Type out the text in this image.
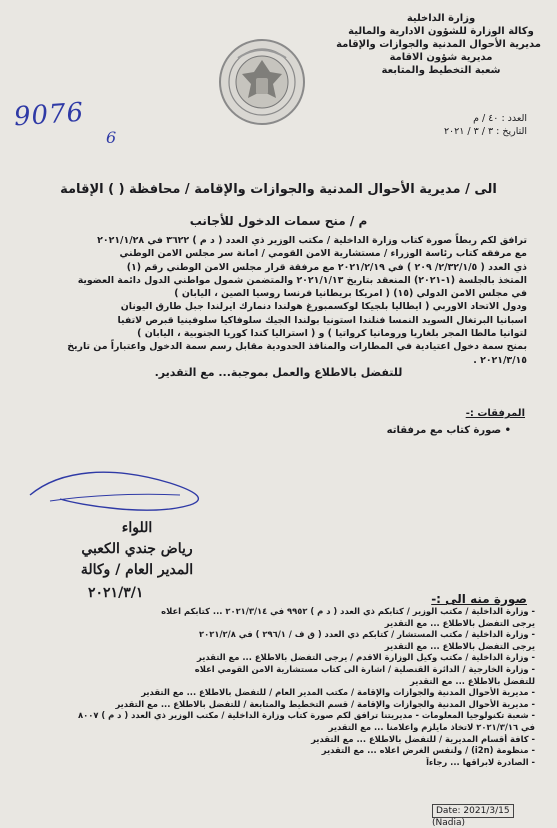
وزارة الداخلية
وكالة الوزارة للشؤون الادارية والمالية
مديرية الأحوال المدنية والجوازات والإقامة
مديرية شؤون الاقامة
شعبة التخطيط والمتابعة
العدد : ٤٠ / م
التاريخ : ٣ / ٣ / ٢٠٢١
9076
6
الى / مديرية الأحوال المدنية والجوازات والإقامة / محافظة ( ) الإقامة
م / منح سمات الدخول للأجانب

ترافق لكم ربطاً صورة كتاب وزارة الداخلية / مكتب الوزير ذي العدد ( د م ) ٣٦٢٢ في ٢٠٢١/١/٢٨

مع مرفقه كتاب رئاسة الوزراء / مستشارية الامن القومي / امانة سر مجلس الامن الوطني

ذي العدد ( ٢/٣٢/١/٥/ ٢٠٩ ) في ٢٠٢١/٢/١٩ مع مرفقة قرار مجلس الامن الوطني رقم (١)

المتخذ بالجلسة (١-٢٠٢١) المنعقد بتاريخ ٢٠٢١/١/١٣ والمتضمن شمول مواطني الدول دائمة العضوية

في مجلس الامن الدولي (١٥) ( امريكا بريطانيا فرنسا روسيا الصين ، اليابان )

ودول الاتحاد الاوربي ( ايطاليا بلجيكا لوكسمبورغ هولندا دنمارك ايرلندا جبل طارق اليونان

اسبانيا البرتغال السويد النمسا فنلندا استونيا بولندا الجيك سلوفاكيا سلوفينيا قبرص لاتفيا

لتوانيا مالطا المجر بلغاريا ورومانيا كرواتيا ) و ( استراليا كندا كوريا الجنوبية ، اليابان )

بمنح سمة دخول اعتيادية في المطارات والمنافذ الحدودية مقابل رسم سمة الدخول واعتباراً من تاريخ

٢٠٢١/٣/١٥ .

للتفضل بالاطلاع والعمل بموجبة... مع التقدير.
المرفقات :-
• صورة كتاب مع مرفقاته
اللواء
رياض جندي الكعبي
المدير العام / وكالة
٢٠٢١/٣/١	صورة منه الى :-
- وزارة الداخلية / مكتب الوزير / كتابكم ذي العدد ( د م ) ٩٩٥٢ في ٢٠٢١/٣/١٤ ... كتابكم اعلاه
يرجى التفضل بالاطلاع ... مع التقدير
- وزارة الداخلية / مكتب المستشار / كتابكم ذي العدد ( ق ف / ٢٩٦/١ ) في ٢٠٢١/٢/٨
يرجى التفضل بالاطلاع ... مع التقدير
- وزارة الداخلية / مكتب وكيل الوزارة الاقدم / يرجى التفضل بالاطلاع ... مع التقدير
- وزارة الخارجية / الدائرة القنصلية / اشارة الى كتاب مستشارية الامن القومي اعلاه
للتفضل بالاطلاع ... مع التقدير
- مديرية الأحوال المدنية والجوازات والإقامة / مكتب المدير العام / للتفضل بالاطلاع ... مع التقدير
- مديرية الأحوال المدنية والجوازات والإقامة / قسم التخطيط والمتابعة / للتفضل بالاطلاع ... مع التقدير
- شعبة تكنولوجيا المعلومات - مديريتنا ترافق لكم صورة كتاب وزارة الداخلية / مكتب الوزير ذي العدد ( د م ) ٨٠٠٧
في ٢٠٢١/٣/١٦ لاتخاذ مايلزم واعلامنا ... مع التقدير
- كافة أقسام المديرية / للتفضل بالاطلاع ... مع التقدير
- منظومة (i2n) / ولنفس الغرض اعلاه ... مع التقدير
- الصادرة لابراقها ... رجاءاً
Date: 2021/3/15(Nadia)
